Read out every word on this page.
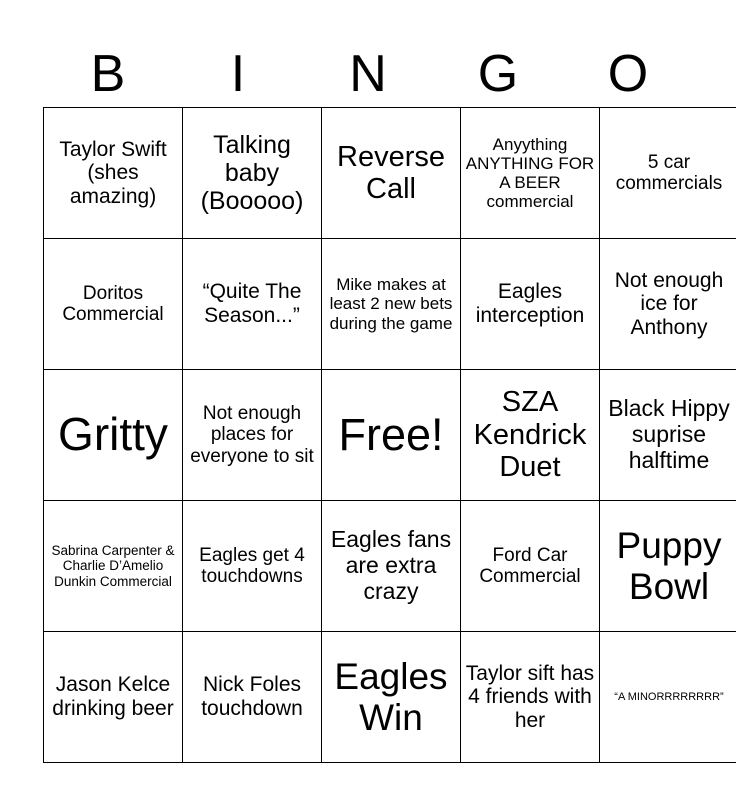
B	I	N	G	O
Taylor Swift (shes amazing)	Talking baby (Booooo)	Reverse Call	Anyything ANYTHING FOR A BEER commercial	5 car commercials
Doritos Commercial	“Quite The Season...”	Mike makes at least 2 new bets during the game	Eagles interception	Not enough ice for Anthony
Gritty	Not enough places for everyone to sit	Free!	SZA Kendrick Duet	Black Hippy suprise halftime
Sabrina Carpenter & Charlie D’Amelio Dunkin Commercial	Eagles get 4 touchdowns	Eagles fans are extra crazy	Ford Car Commercial	Puppy Bowl
Jason Kelce drinking beer	Nick Foles touchdown	Eagles Win	Taylor sift has 4 friends with her	“A MINORRRRRRRR”
